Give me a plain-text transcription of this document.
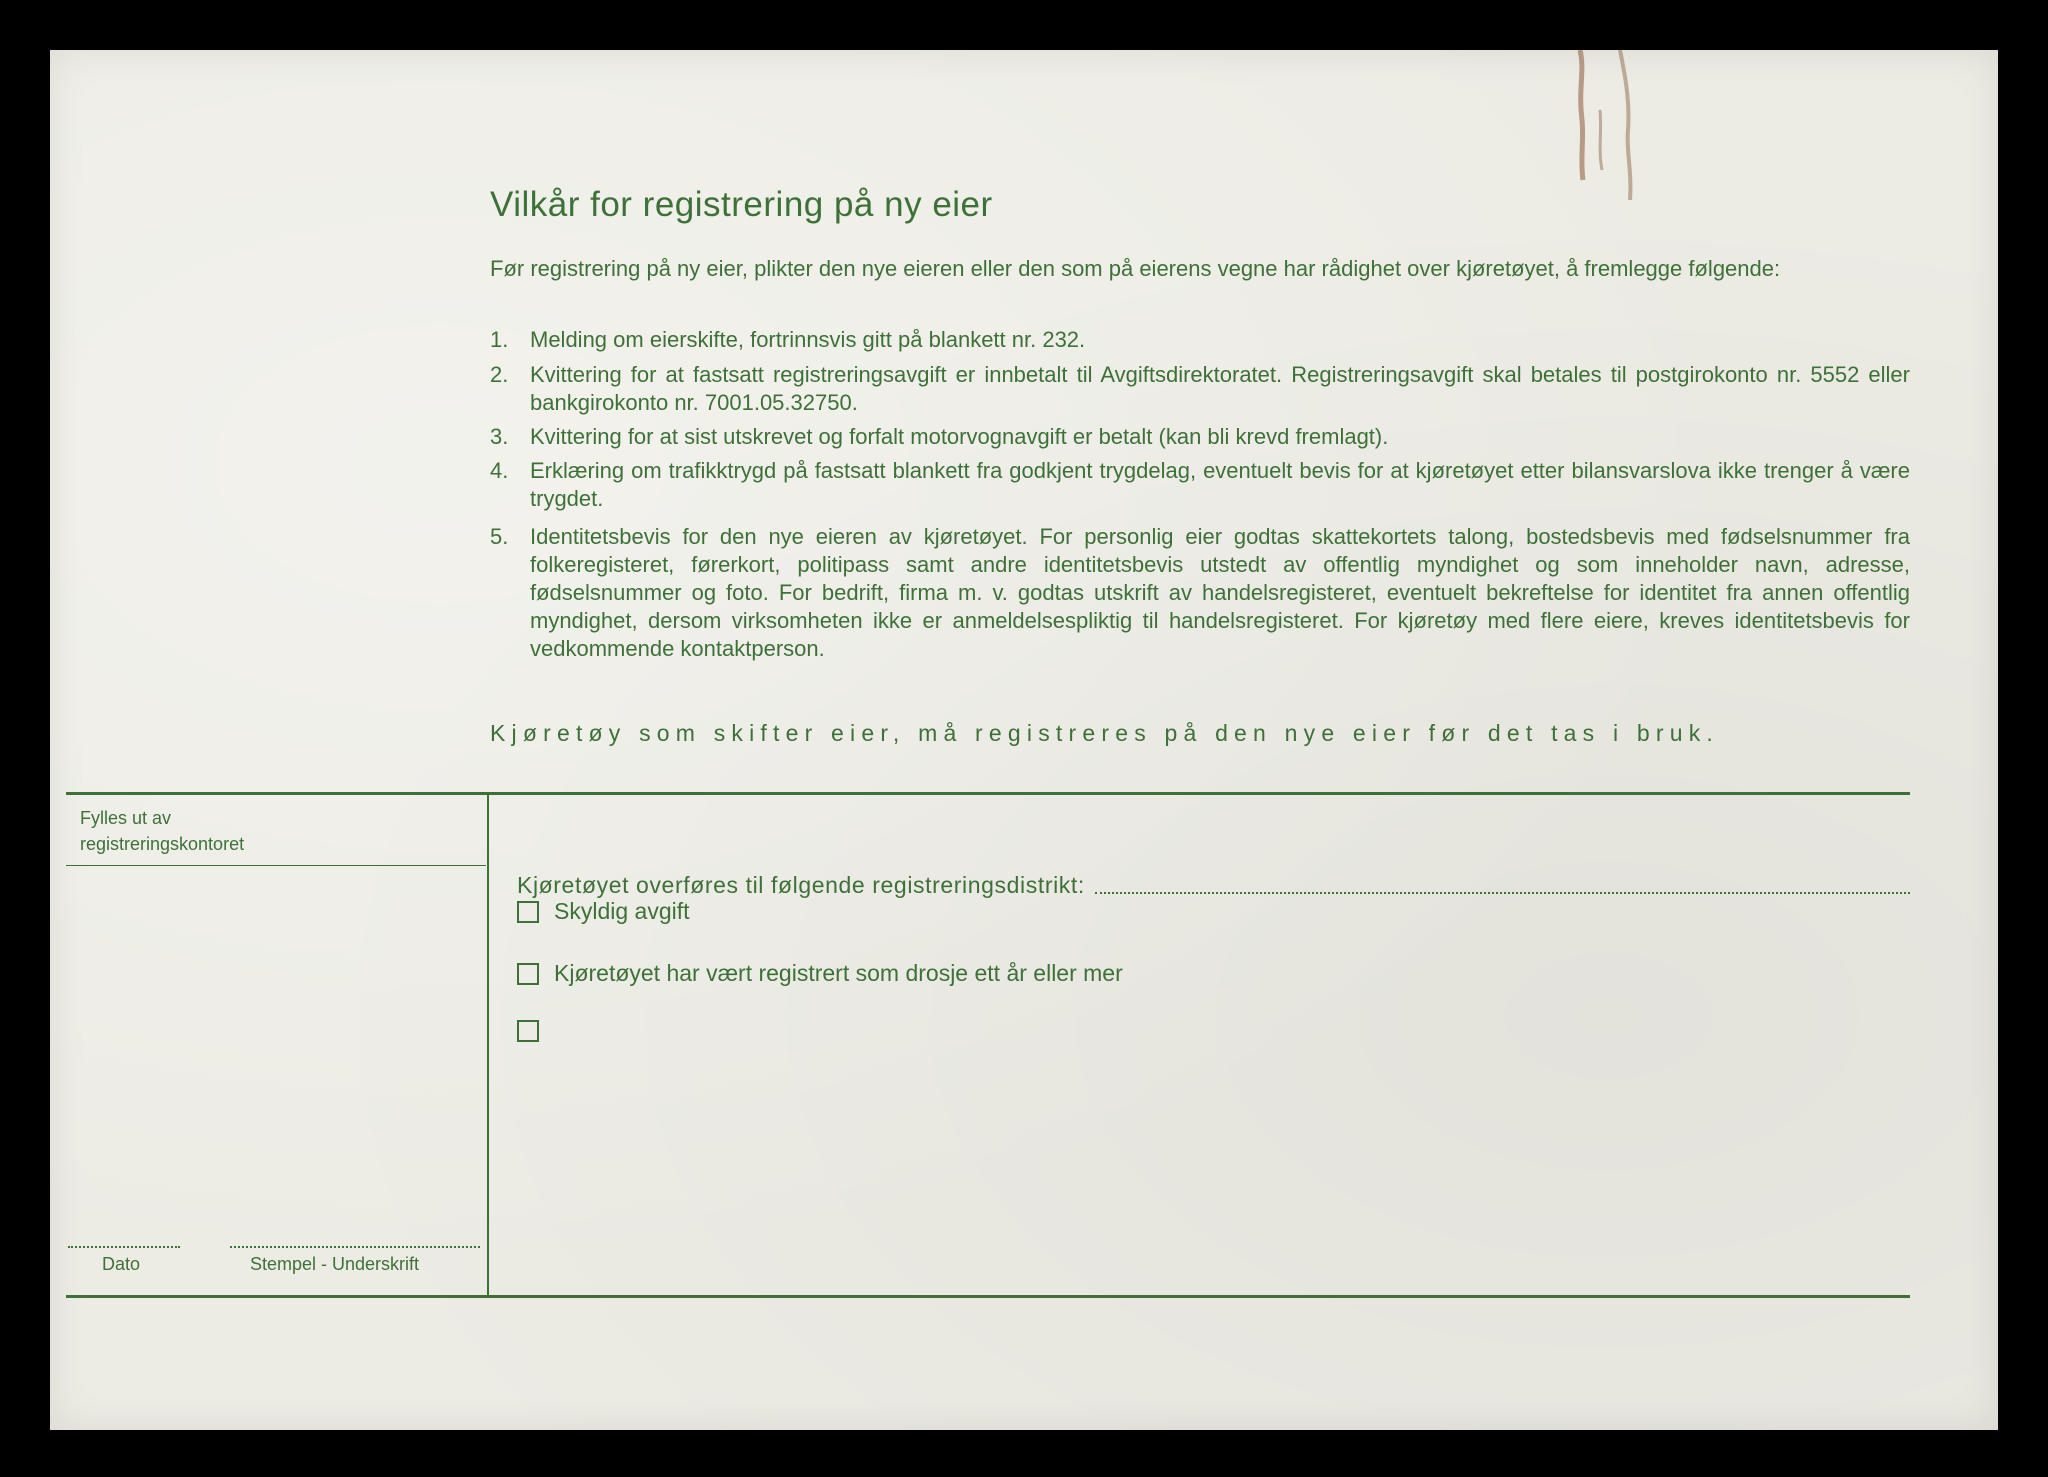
Vilkår for registrering på ny eier
Før registrering på ny eier, plikter den nye eieren eller den som på eierens vegne har rådighet over kjøretøyet, å fremlegge følgende:
1. Melding om eierskifte, fortrinnsvis gitt på blankett nr. 232.
2. Kvittering for at fastsatt registreringsavgift er innbetalt til Avgiftsdirektoratet. Registreringsavgift skal betales til postgirokonto nr. 5552 eller bankgirokonto nr. 7001.05.32750.
3. Kvittering for at sist utskrevet og forfalt motorvognavgift er betalt (kan bli krevd fremlagt).
4. Erklæring om trafikktrygd på fastsatt blankett fra godkjent trygdelag, eventuelt bevis for at kjøretøyet etter bilansvarslova ikke trenger å være trygdet.
5. Identitetsbevis for den nye eieren av kjøretøyet. For personlig eier godtas skattekortets talong, bostedsbevis med fødselsnummer fra folkeregisteret, førerkort, politipass samt andre identitetsbevis utstedt av offentlig myndighet og som inneholder navn, adresse, fødselsnummer og foto. For bedrift, firma m. v. godtas utskrift av handelsregisteret, eventuelt bekreftelse for identitet fra annen offentlig myndighet, dersom virksomheten ikke er anmeldelsespliktig til handelsregisteret. For kjøretøy med flere eiere, kreves identitetsbevis for vedkommende kontaktperson.
Kjøretøy som skifter eier, må registreres på den nye eier før det tas i bruk.
Fylles ut av
registreringskontoret
Dato	Stempel - Underskrift
Kjøretøyet overføres til følgende registreringsdistrikt:
Skyldig avgift
Kjøretøyet har vært registrert som drosje ett år eller mer
